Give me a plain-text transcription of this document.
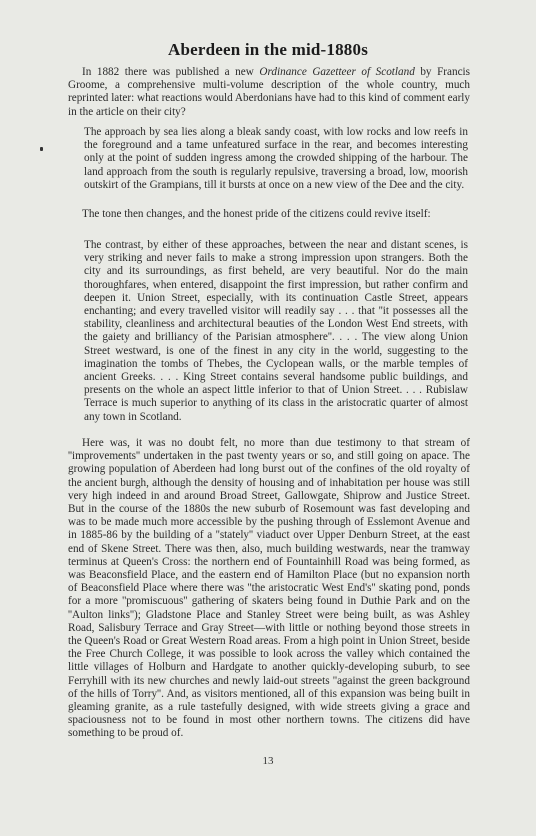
Aberdeen in the mid-1880s
In 1882 there was published a new Ordinance Gazetteer of Scotland by Francis Groome, a comprehensive multi-volume description of the whole country, much reprinted later: what reactions would Aberdonians have had to this kind of comment early in the article on their city?
The approach by sea lies along a bleak sandy coast, with low rocks and low reefs in the foreground and a tame unfeatured surface in the rear, and becomes interesting only at the point of sudden ingress among the crowded shipping of the harbour. The land approach from the south is regularly repulsive, traversing a broad, low, moorish outskirt of the Grampians, till it bursts at once on a new view of the Dee and the city.
The tone then changes, and the honest pride of the citizens could revive itself:
The contrast, by either of these approaches, between the near and distant scenes, is very striking and never fails to make a strong impression upon strangers. Both the city and its surroundings, as first beheld, are very beautiful. Nor do the main thoroughfares, when entered, disappoint the first impression, but rather confirm and deepen it. Union Street, especially, with its continuation Castle Street, appears enchanting; and every travelled visitor will readily say . . . that ''it possesses all the stability, cleanliness and architectural beauties of the London West End streets, with the gaiety and brilliancy of the Parisian atmosphere''. . . . The view along Union Street westward, is one of the finest in any city in the world, suggesting to the imagination the tombs of Thebes, the Cyclopean walls, or the marble temples of ancient Greeks. . . . King Street contains several handsome public buildings, and presents on the whole an aspect little inferior to that of Union Street. . . . Rubislaw Terrace is much superior to anything of its class in the aristocratic quarter of almost any town in Scotland.
Here was, it was no doubt felt, no more than due testimony to that stream of ''improvements'' undertaken in the past twenty years or so, and still going on apace. The growing population of Aberdeen had long burst out of the confines of the old royalty of the ancient burgh, although the density of housing and of inhabitation per house was still very high indeed in and around Broad Street, Gallowgate, Shiprow and Justice Street. But in the course of the 1880s the new suburb of Rosemount was fast developing and was to be made much more accessible by the pushing through of Esslemont Avenue and in 1885-86 by the building of a ''stately'' viaduct over Upper Denburn Street, at the east end of Skene Street. There was then, also, much building westwards, near the tramway terminus at Queen's Cross: the northern end of Fountainhill Road was being formed, as was Beaconsfield Place, and the eastern end of Hamilton Place (but no expansion north of Beaconsfield Place where there was ''the aristocratic West End's'' skating pond, ponds for a more ''promiscuous'' gathering of skaters being found in Duthie Park and on the ''Aulton links''); Gladstone Place and Stanley Street were being built, as was Ashley Road, Salisbury Terrace and Gray Street—with little or nothing beyond those streets in the Queen's Road or Great Western Road areas. From a high point in Union Street, beside the Free Church College, it was possible to look across the valley which contained the little villages of Holburn and Hardgate to another quickly-developing suburb, to see Ferryhill with its new churches and newly laid-out streets ''against the green background of the hills of Torry''. And, as visitors mentioned, all of this expansion was being built in gleaming granite, as a rule tastefully designed, with wide streets giving a grace and spaciousness not to be found in most other northern towns. The citizens did have something to be proud of.
13
